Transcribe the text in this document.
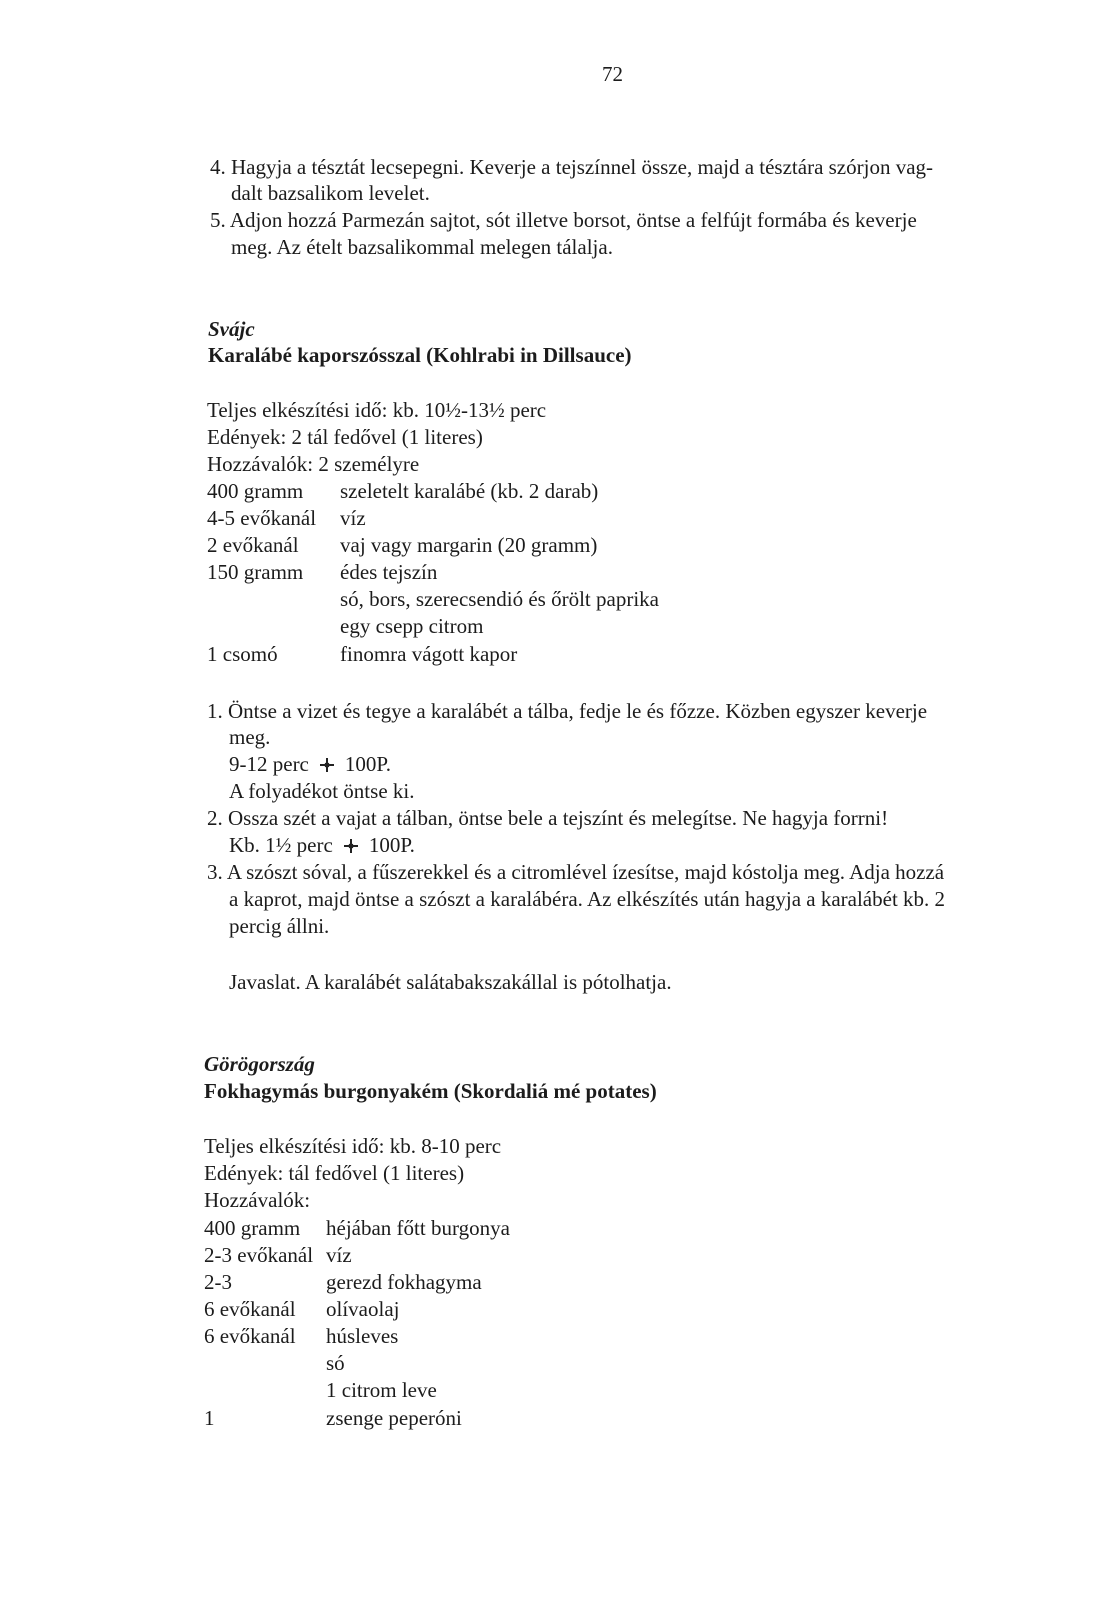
72
4. Hagyja a tésztát lecsepegni. Keverje a tejszínnel össze, majd a tésztára szórjon vag-
dalt bazsalikom levelet.
5. Adjon hozzá Parmezán sajtot, sót illetve borsot, öntse a felfújt formába és keverje
meg. Az ételt bazsalikommal melegen tálalja.
Svájc
Karalábé kaporszósszal (Kohlrabi in Dillsauce)
Teljes elkészítési idő: kb. 10½-13½ perc
Edények: 2 tál fedővel (1 literes)
Hozzávalók: 2 személyre
400 gramm szeletelt karalábé (kb. 2 darab)
4-5 evőkanál víz
2 evőkanál vaj vagy margarin (20 gramm)
150 gramm édes tejszín
só, bors, szerecsendió és őrölt paprika
egy csepp citrom
1 csomó	finomra vágott kapor
1. Öntse a vizet és tegye a karalábét a tálba, fedje le és főzze. Közben egyszer keverje
meg.
9-12 perc 100P.
A folyadékot öntse ki.
2. Ossza szét a vajat a tálban, öntse bele a tejszínt és melegítse. Ne hagyja forrni!
Kb. 1½ perc 100P.
3. A szószt sóval, a fűszerekkel és a citromlével ízesítse, majd kóstolja meg. Adja hozzá
a kaprot, majd öntse a szószt a karalábéra. Az elkészítés után hagyja a karalábét kb. 2
percig állni.
Javaslat. A karalábét salátabakszakállal is pótolhatja.
Görögország
Fokhagymás burgonyakém (Skordaliá mé potates)
Teljes elkészítési idő: kb. 8-10 perc
Edények: tál fedővel (1 literes)
Hozzávalók:
400 gramm héjában főtt burgonya
2-3 evőkanál víz
2-3	gerezd fokhagyma
6 evőkanál olívaolaj
6 evőkanál húsleves
só
1 citrom leve
1	zsenge peperóni
